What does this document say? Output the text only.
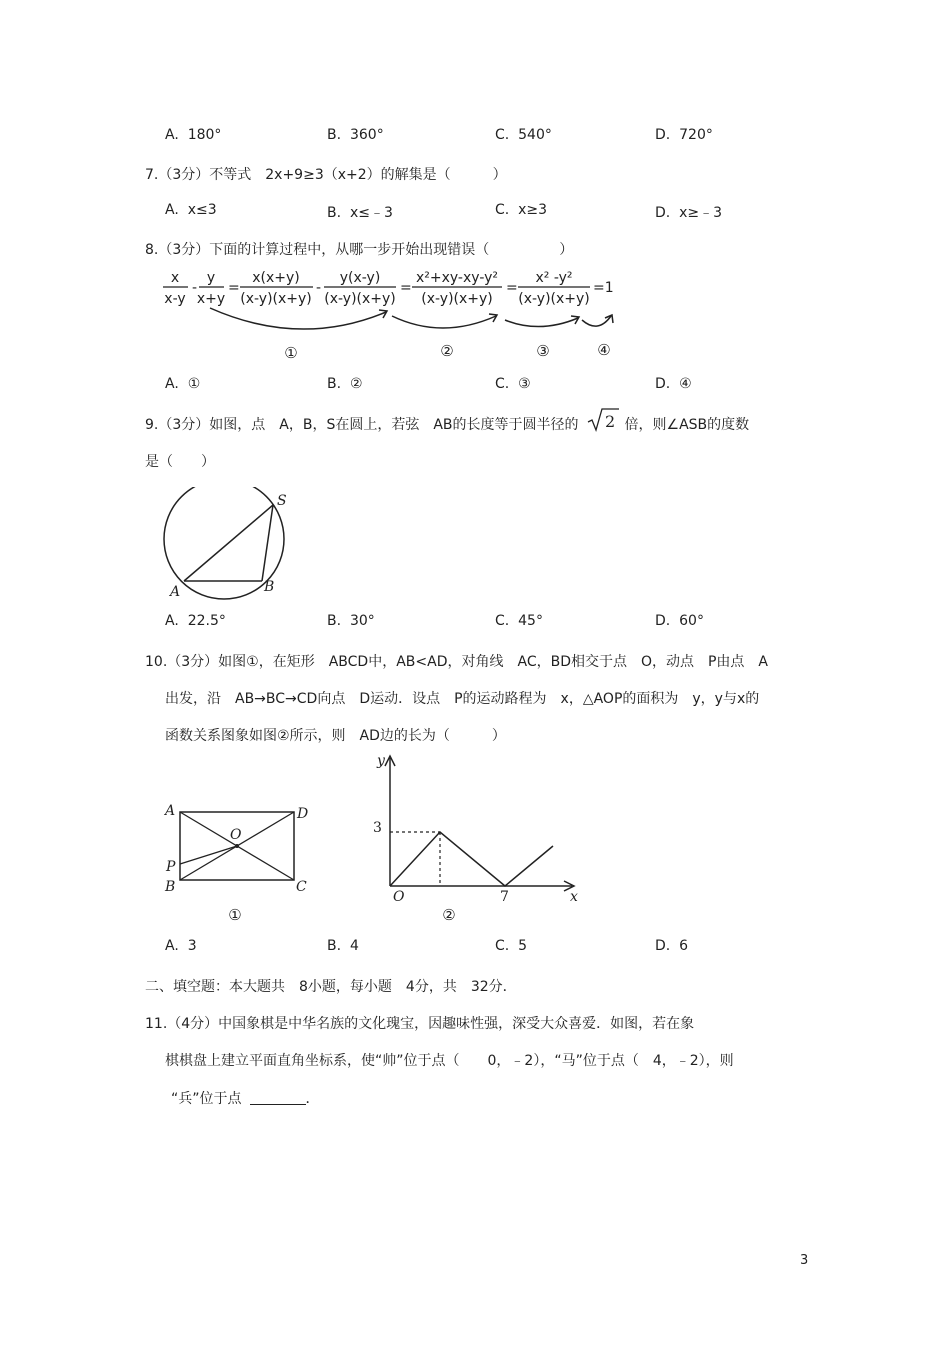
A. 180°	B. 360°	C. 540°	D. 720°
7.（3分）不等式　2x+9≥3（x+2）的解集是（　　　）
A. x≤3	B. x≤﹣3	C. x≥3	D. x≥﹣3
8.（3分）下面的计算过程中，从哪一步开始出现错误（　　　　　）
x
x-y
-
y
x+y
=
x(x+y)
(x-y)(x+y)
-
y(x-y)
(x-y)(x+y)
=
x²+xy-xy-y²
(x-y)(x+y)
=
x² -y²
(x-y)(x+y)
=1
①	②	③	④
A. ①	B. ②	C. ③	D. ④
9.（3分）如图，点　A，B，S在圆上，若弦　AB的长度等于圆半径的
√
2 倍，则∠ASB的度数
是（　　）
S
A	B
A. 22.5°	B. 30°	C. 45°	D. 60°
10.（3分）如图①，在矩形　ABCD中，AB<AD，对角线　AC，BD相交于点　O，动点　P由点　A
出发，沿　AB→BC→CD向点　D运动．设点　P的运动路程为　x，△AOP的面积为　y，y与x的
函数关系图象如图②所示，则　AD边的长为（　　　）
A	D
O
P
B	C
①
y
3
O	7	x
②
A. 3	B. 4	C. 5	D. 6
二、填空题：本大题共　8小题，每小题　4分，共　32分．
11.（4分）中国象棋是中华名族的文化瑰宝，因趣味性强，深受大众喜爱．如图，若在象
棋棋盘上建立平面直角坐标系，使“帅”位于点（　　0，﹣2），“马”位于点（　4，﹣2），则
“兵”位于点	．
3
